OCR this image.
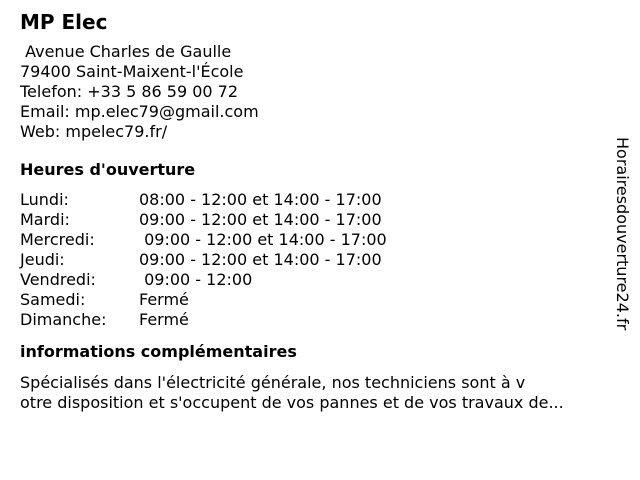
MP Elec
Avenue Charles de Gaulle
79400 Saint-Maixent-l'École
Telefon: +33 5 86 59 00 72
Email: mp.elec79@gmail.com
Web: mpelec79.fr/
Heures d'ouverture
Lundi:	08:00 - 12:00 et 14:00 - 17:00
Mardi:	09:00 - 12:00 et 14:00 - 17:00
Mercredi:	09:00 - 12:00 et 14:00 - 17:00
Jeudi:	09:00 - 12:00 et 14:00 - 17:00
Vendredi:	09:00 - 12:00
Samedi:	Fermé
Dimanche:	Fermé
informations complémentaires
Spécialisés dans l'électricité générale, nos techniciens sont à v
otre disposition et s'occupent de vos pannes et de vos travaux de...
Horairesdouverture24.fr
